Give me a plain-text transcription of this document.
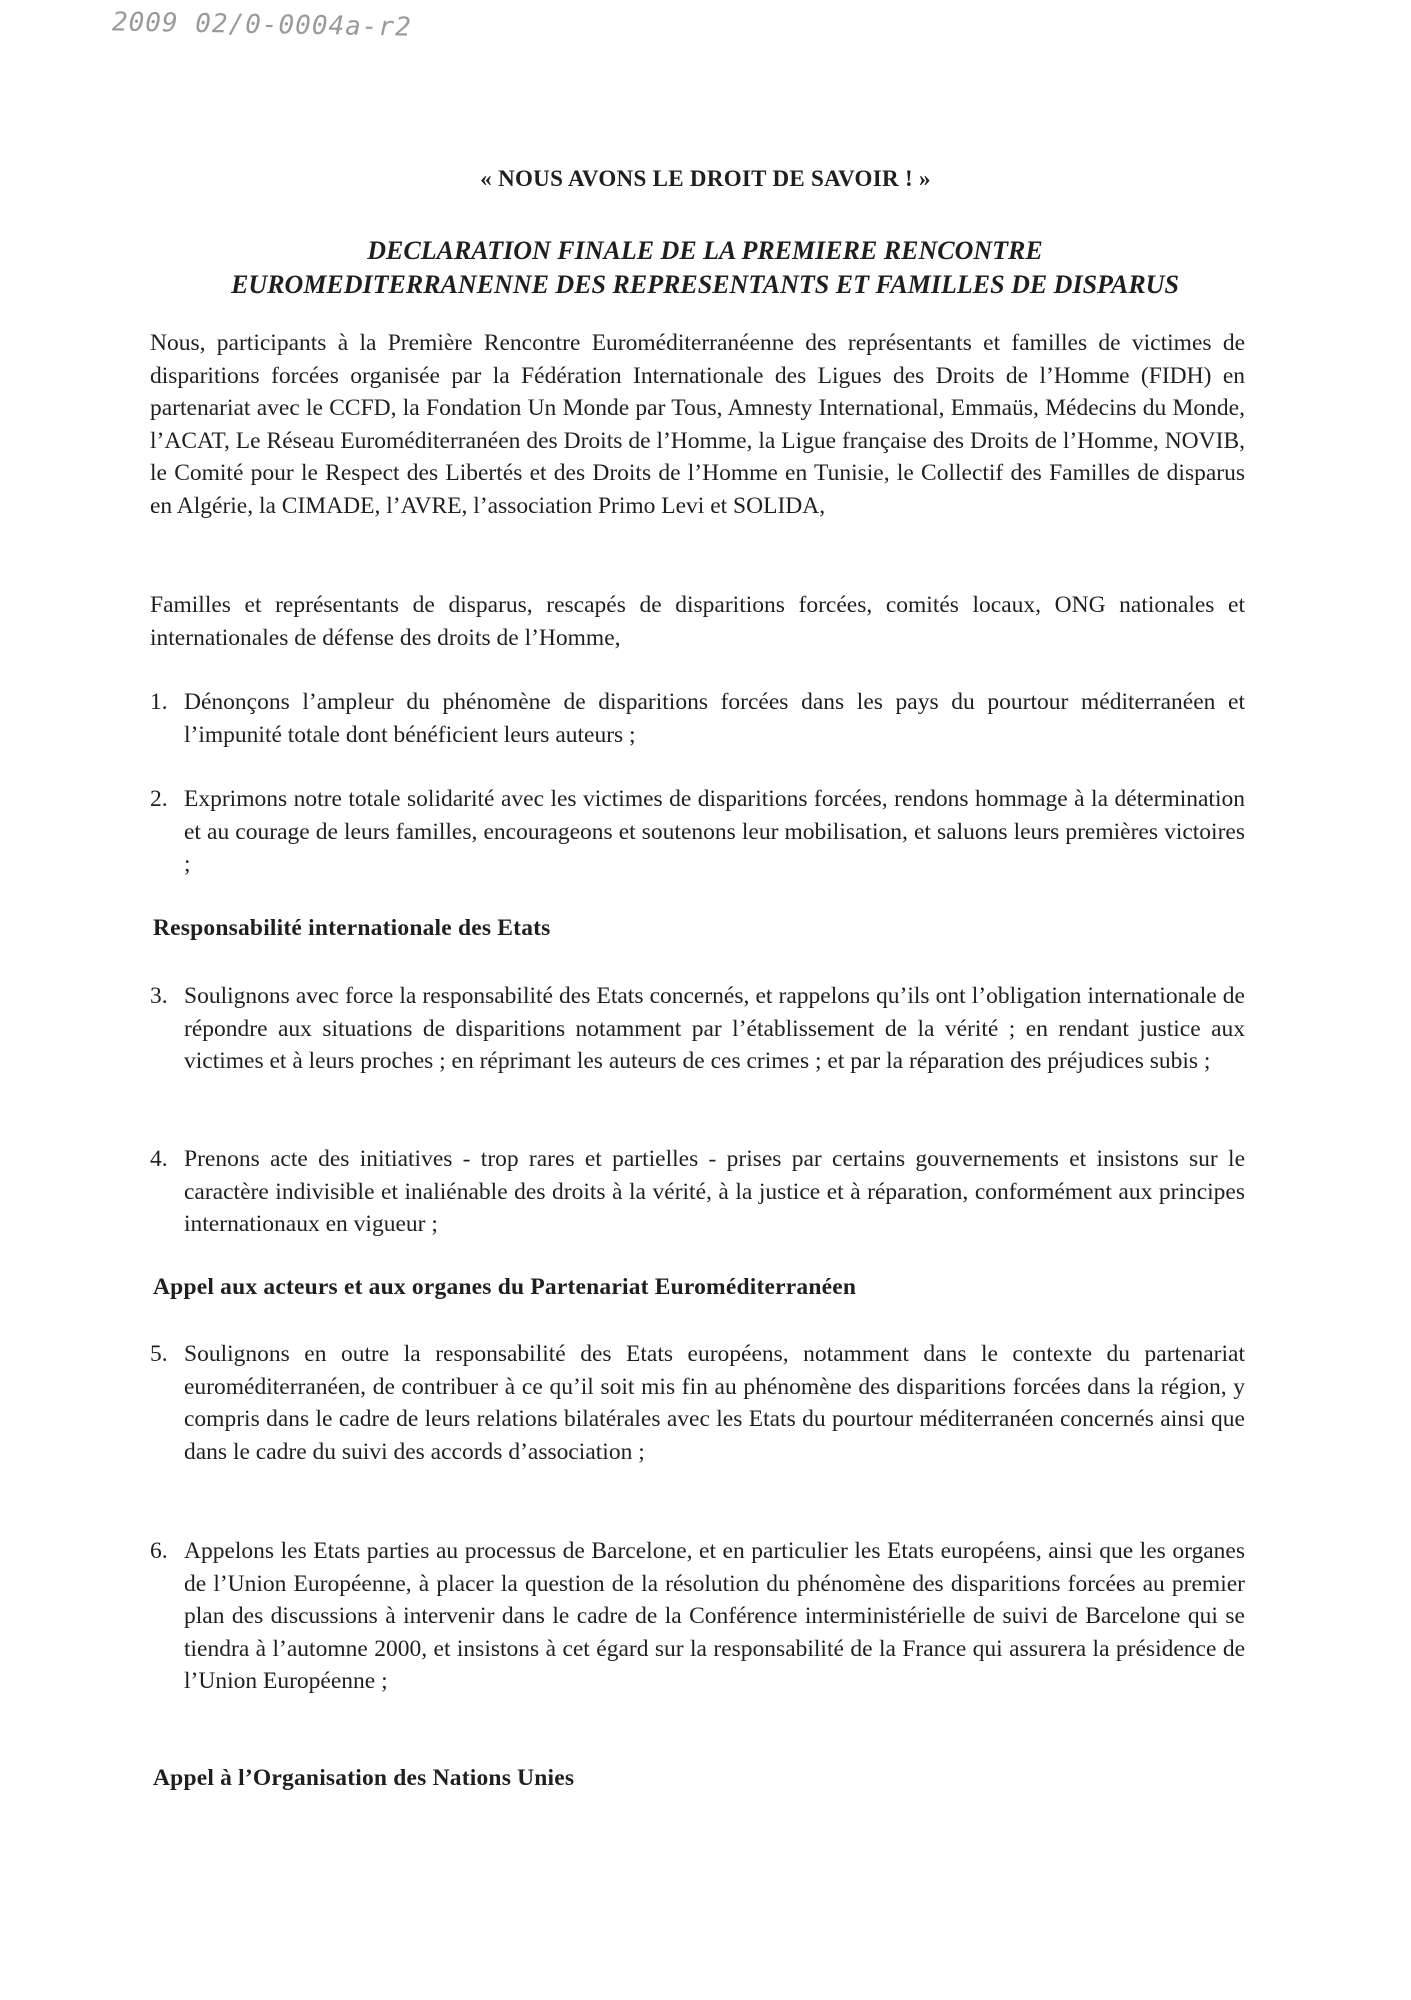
2009 02/0-0004a-r2
« NOUS AVONS LE DROIT DE SAVOIR ! »
DECLARATION FINALE DE LA PREMIERE RENCONTRE
EUROMEDITERRANENNE DES REPRESENTANTS ET FAMILLES DE DISPARUS

Nous, participants à la Première Rencontre Euroméditerranéenne des représentants et familles de victimes de disparitions forcées organisée par la Fédération Internationale des Ligues des Droits de l’Homme (FIDH) en partenariat avec le CCFD, la Fondation Un Monde par Tous, Amnesty International, Emmaüs, Médecins du Monde, l’ACAT, Le Réseau Euroméditerranéen des Droits de l’Homme, la Ligue française des Droits de l’Homme, NOVIB, le Comité pour le Respect des Libertés et des Droits de l’Homme en Tunisie, le Collectif des Familles de disparus en Algérie, la CIMADE, l’AVRE, l’association Primo Levi et SOLIDA,

Familles et représentants de disparus, rescapés de disparitions forcées, comités locaux, ONG nationales et internationales de défense des droits de l’Homme,

1. Dénonçons l’ampleur du phénomène de disparitions forcées dans les pays du pourtour méditerranéen et l’impunité totale dont bénéficient leurs auteurs ;
2. Exprimons notre totale solidarité avec les victimes de disparitions forcées, rendons hommage à la détermination et au courage de leurs familles, encourageons et soutenons leur mobilisation, et saluons leurs premières victoires ;
Responsabilité internationale des Etats
3. Soulignons avec force la responsabilité des Etats concernés, et rappelons qu’ils ont l’obligation internationale de répondre aux situations de disparitions notamment par l’établissement de la vérité ; en rendant justice aux victimes et à leurs proches ; en réprimant les auteurs de ces crimes ; et par la réparation des préjudices subis ;
4. Prenons acte des initiatives - trop rares et partielles - prises par certains gouvernements et insistons sur le caractère indivisible et inaliénable des droits à la vérité, à la justice et à réparation, conformément aux principes internationaux en vigueur ;
Appel aux acteurs et aux organes du Partenariat Euroméditerranéen
5. Soulignons en outre la responsabilité des Etats européens, notamment dans le contexte du partenariat euroméditerranéen, de contribuer à ce qu’il soit mis fin au phénomène des disparitions forcées dans la région, y compris dans le cadre de leurs relations bilatérales avec les Etats du pourtour méditerranéen concernés ainsi que dans le cadre du suivi des accords d’association ;
6. Appelons les Etats parties au processus de Barcelone, et en particulier les Etats européens, ainsi que les organes de l’Union Européenne, à placer la question de la résolution du phénomène des disparitions forcées au premier plan des discussions à intervenir dans le cadre de la Conférence interministérielle de suivi de Barcelone qui se tiendra à l’automne 2000, et insistons à cet égard sur la responsabilité de la France qui assurera la présidence de l’Union Européenne ;
Appel à l’Organisation des Nations Unies
